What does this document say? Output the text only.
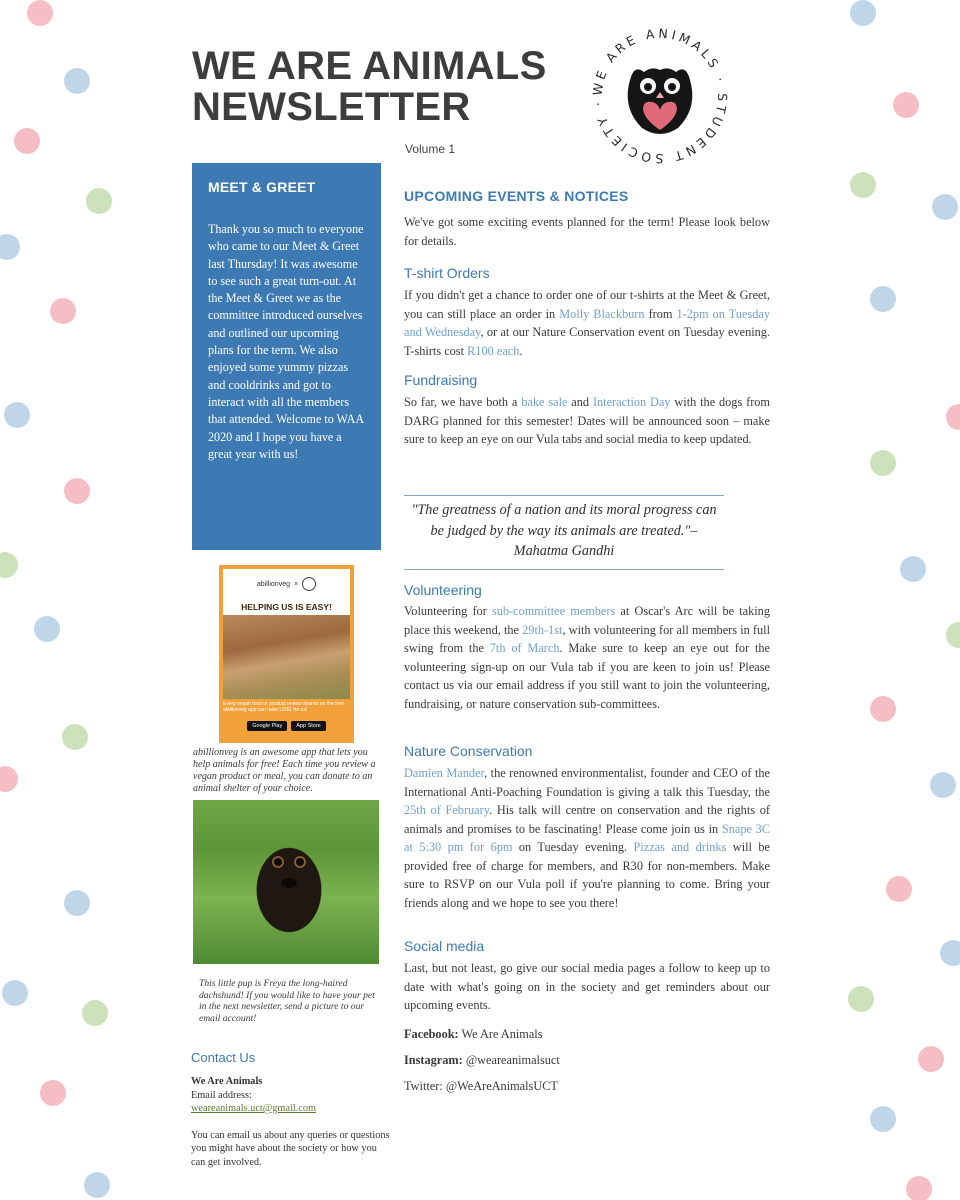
WE ARE ANIMALS
NEWSLETTER
Volume 1
WE ARE ANIMALS · STUDENT SOCIETY ·
MEET & GREET

Thank you so much to everyone who came to our Meet & Greet last Thursday! It was awesome to see such a great turn-out. At the Meet & Greet we as the committee introduced ourselves and outlined our upcoming plans for the term. We also enjoyed some yummy pizzas and cooldrinks and got to interact with all the members that attended. Welcome to WAA 2020 and I hope you have a great year with us!

abillionveg ×
HELPING US IS EASY!
Every vegan food or product review shared on the free abillionveg app can raise US$1 for us!
Google Play	App Store
abillionveg is an awesome app that lets you help animals for free! Each time you review a vegan product or meal, you can donate to an animal shelter of your choice.
This little pup is Freya the long-haired dachshund! If you would like to have your pet in the next newsletter, send a picture to our email account!
Contact Us
We Are Animals
Email address:
weareanimals.uct@gmail.com
You can email us about any queries or questions you might have about the society or how you can get involved.
UPCOMING EVENTS & NOTICES
We've got some exciting events planned for the term! Please look below for details.
T-shirt Orders
If you didn't get a chance to order one of our t-shirts at the Meet & Greet, you can still place an order in Molly Blackburn from 1-2pm on Tuesday and Wednesday, or at our Nature Conservation event on Tuesday evening. T-shirts cost R100 each.
Fundraising
So far, we have both a bake sale and Interaction Day with the dogs from DARG planned for this semester! Dates will be announced soon – make sure to keep an eye on our Vula tabs and social media to keep updated.
"The greatness of a nation and its moral progress can be judged by the way its animals are treated."– Mahatma Gandhi
Volunteering
Volunteering for sub-committee members at Oscar's Arc will be taking place this weekend, the 29th-1st, with volunteering for all members in full swing from the 7th of March. Make sure to keep an eye out for the volunteering sign-up on our Vula tab if you are keen to join us! Please contact us via our email address if you still want to join the volunteering, fundraising, or nature conservation sub-committees.
Nature Conservation
Damien Mander, the renowned environmentalist, founder and CEO of the International Anti-Poaching Foundation is giving a talk this Tuesday, the 25th of February. His talk will centre on conservation and the rights of animals and promises to be fascinating! Please come join us in Snape 3C at 5:30 pm for 6pm on Tuesday evening. Pizzas and drinks will be provided free of charge for members, and R30 for non-members. Make sure to RSVP on our Vula poll if you're planning to come. Bring your friends along and we hope to see you there!
Social media
Last, but not least, go give our social media pages a follow to keep up to date with what's going on in the society and get reminders about our upcoming events.
Facebook: We Are Animals
Instagram: @weareanimalsuct
Twitter: @WeAreAnimalsUCT
